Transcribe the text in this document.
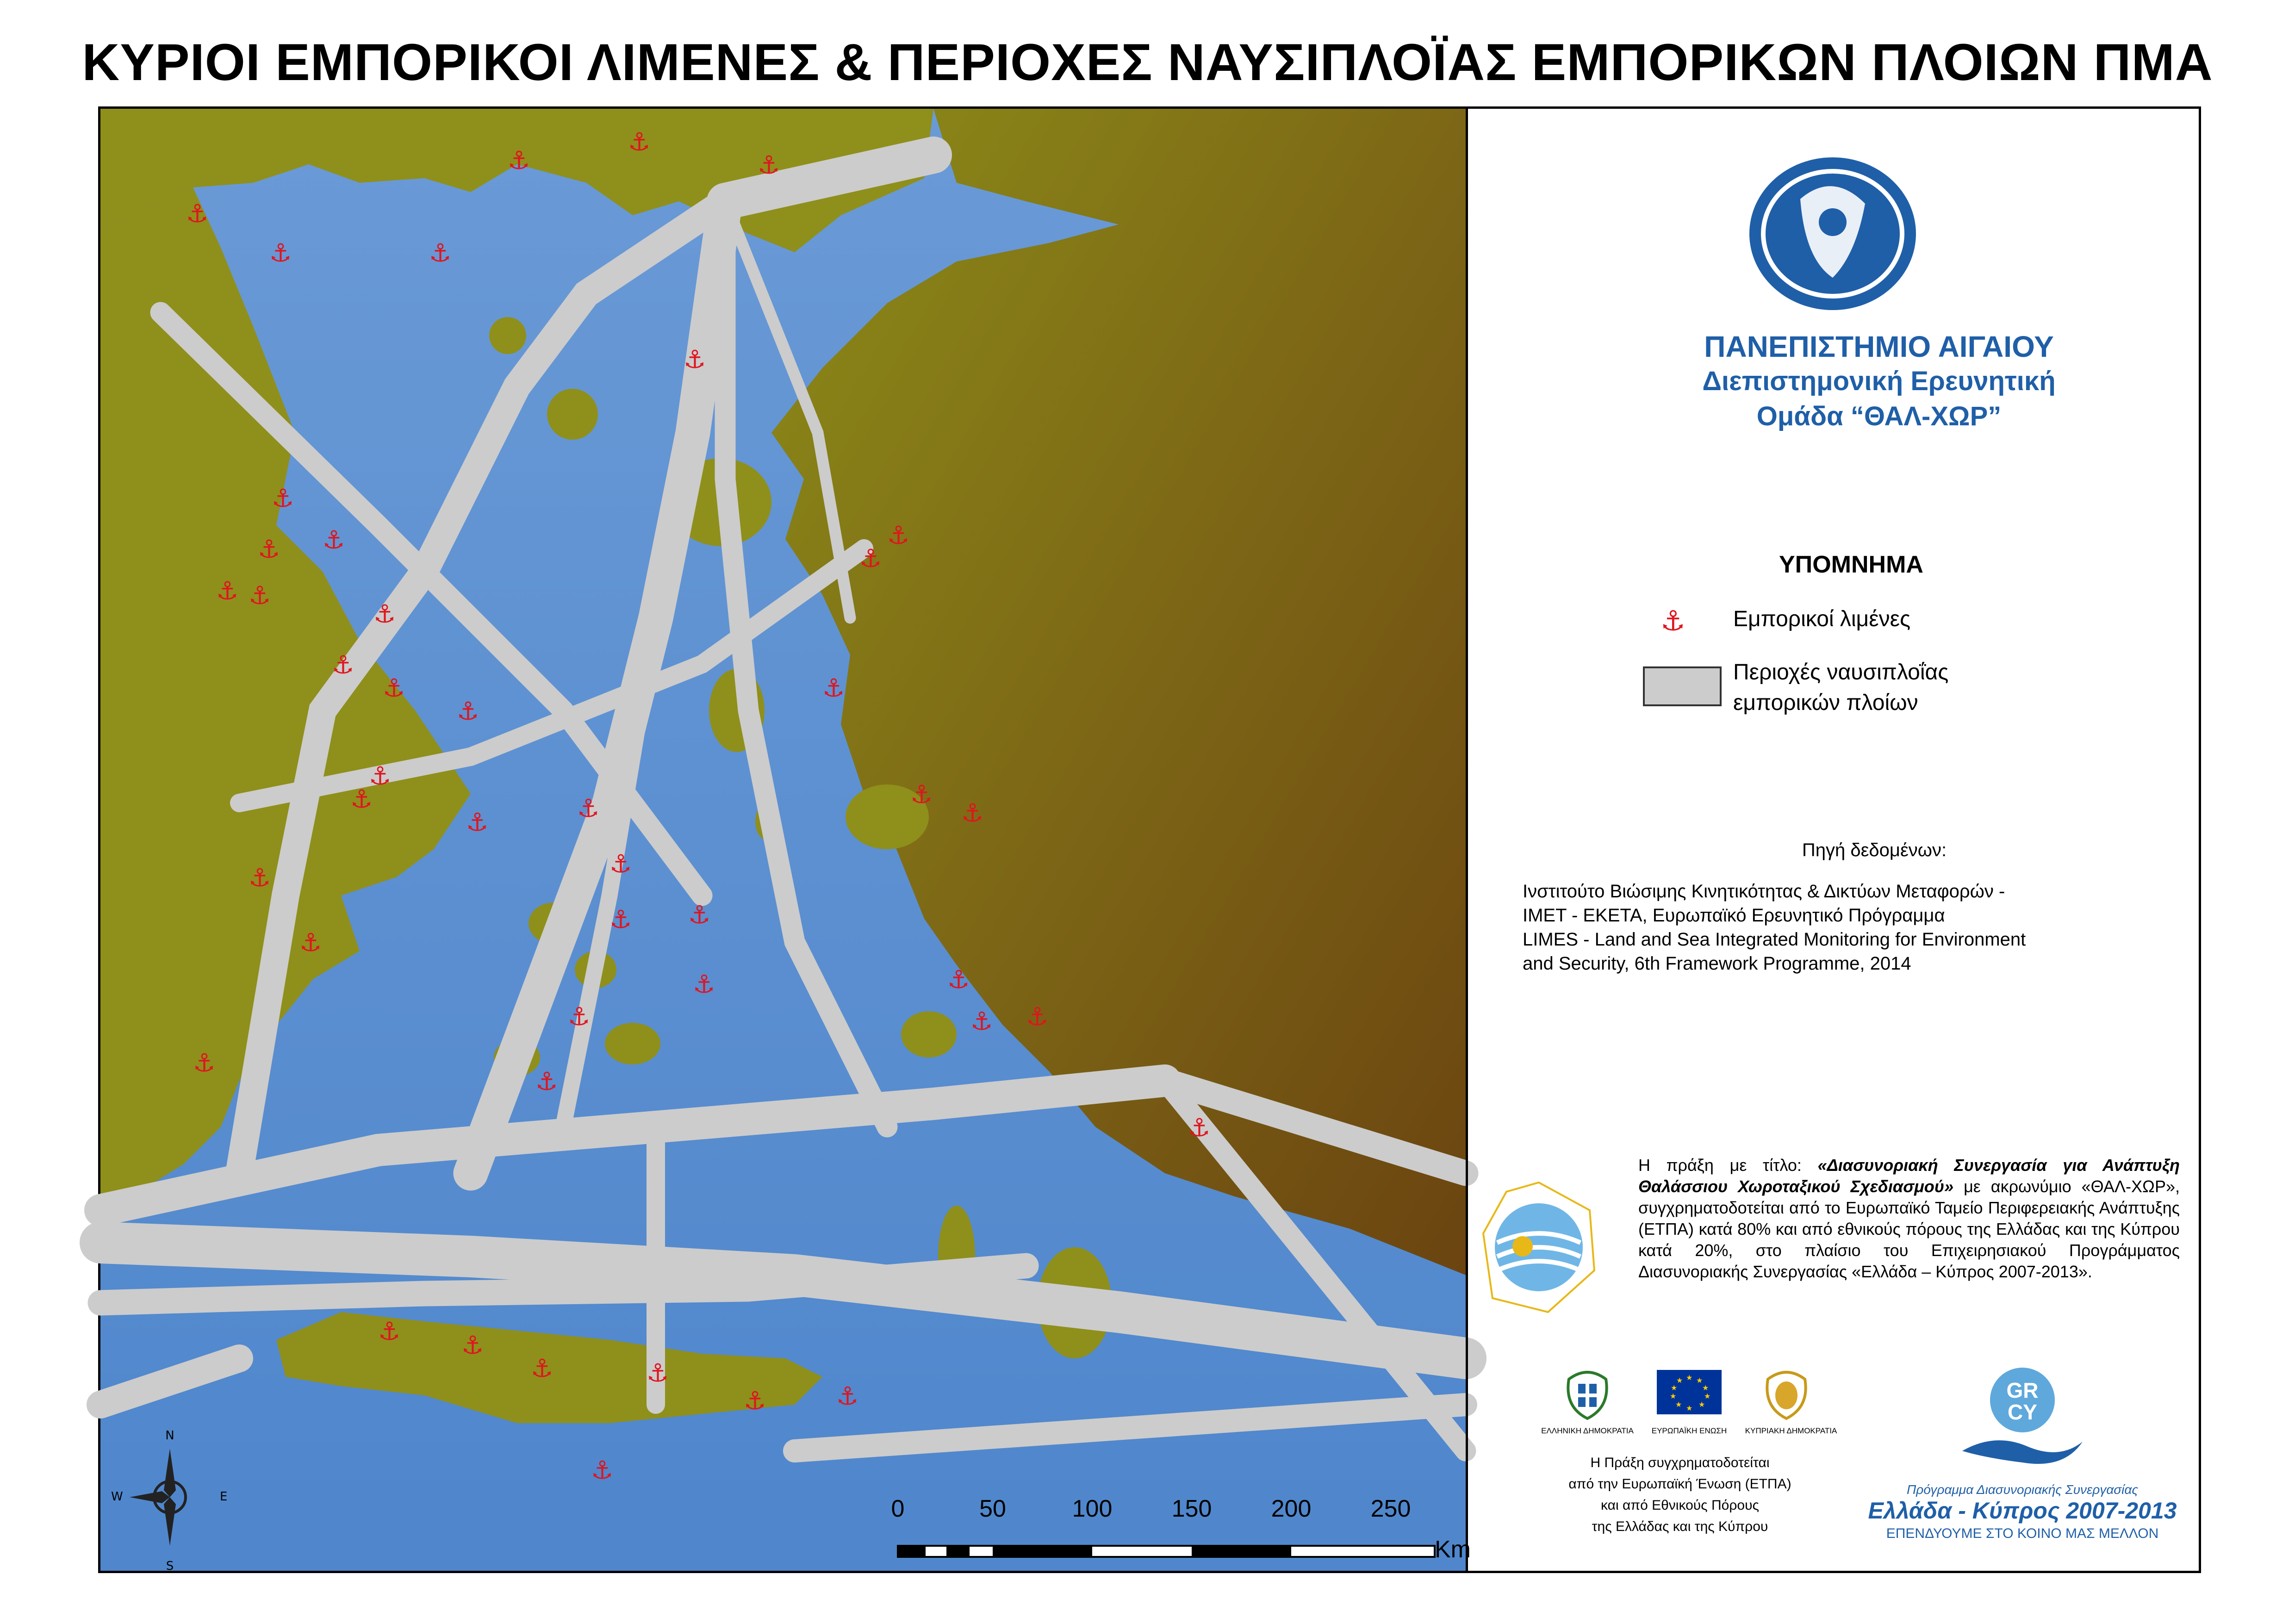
ΚΥΡΙΟΙ ΕΜΠΟΡΙΚΟΙ ΛΙΜΕΝΕΣ & ΠΕΡΙΟΧΕΣ ΝΑΥΣΙΠΛΟΪΑΣ ΕΜΠΟΡΙΚΩΝ ΠΛΟΙΩΝ ΠΜΑ
⚓
⚓	⚓
⚓
⚓
⚓
⚓
⚓
⚓
⚓
⚓ ⚓
⚓
⚓
⚓
⚓
⚓
⚓
⚓
⚓
⚓
⚓
⚓
⚓
⚓
⚓
⚓
⚓
⚓
⚓
⚓
⚓ ⚓
⚓
⚓
⚓
⚓
⚓
⚓ ⚓
⚓	⚓
⚓	⚓
⚓
ΠΑΝΕΠΙΣΤΗΜΙΟ ΑΙΓΑΙΟΥ
Διεπιστημονική Ερευνητική
Ομάδα “ΘΑΛ-ΧΩΡ”
ΥΠΟΜΝΗΜΑ
⚓ Εμπορικοί λιμένες
Περιοχές ναυσιπλοΐας
εμπορικών πλοίων
Πηγή δεδομένων:
Ινστιτούτο Βιώσιμης Κινητικότητας & Δικτύων Μεταφορών -
ΙΜΕΤ - ΕΚΕΤΑ, Ευρωπαϊκό Ερευνητικό Πρόγραμμα
LIMES - Land and Sea Integrated Monitoring for Environment
and Security, 6th Framework Programme, 2014
Η πράξη με τίτλο: «Διασυνοριακή Συνεργασία για Ανάπτυξη Θαλάσσιου Χωροταξικού Σχεδιασμού» με ακρωνύμιο «ΘΑΛ-ΧΩΡ», συγχρηματοδοτείται από το Ευρωπαϊκό Ταμείο Περιφερειακής Ανάπτυξης (ΕΤΠΑ) κατά 80% και από εθνικούς πόρους της Ελλάδας και της Κύπρου κατά 20%, στο πλαίσιο του Επιχειρησιακού Προγράμματος Διασυνοριακής Συνεργασίας «Ελλάδα – Κύπρος 2007-2013».
★ ★
★
★
★
★
★
★
★
★
ΕΛΛΗΝΙΚΗ ΔΗΜΟΚΡΑΤΙΑ	ΕΥΡΩΠΑΪΚΗ ΕΝΩΣΗ	ΚΥΠΡΙΑΚΗ ΔΗΜΟΚΡΑΤΙΑ
Η Πράξη συγχρηματοδοτείται
από την Ευρωπαϊκή Ένωση (ΕΤΠΑ)
και από Εθνικούς Πόρους
της Ελλάδας και της Κύπρου
GR
CY
Πρόγραμμα Διασυνοριακής Συνεργασίας
Ελλάδα - Κύπρος 2007-2013
ΕΠΕΝΔΥΟΥΜΕ ΣΤΟ ΚΟΙΝΟ ΜΑΣ ΜΕΛΛΟΝ
N
S
W	E	0	50	100 150 200 250
Km
